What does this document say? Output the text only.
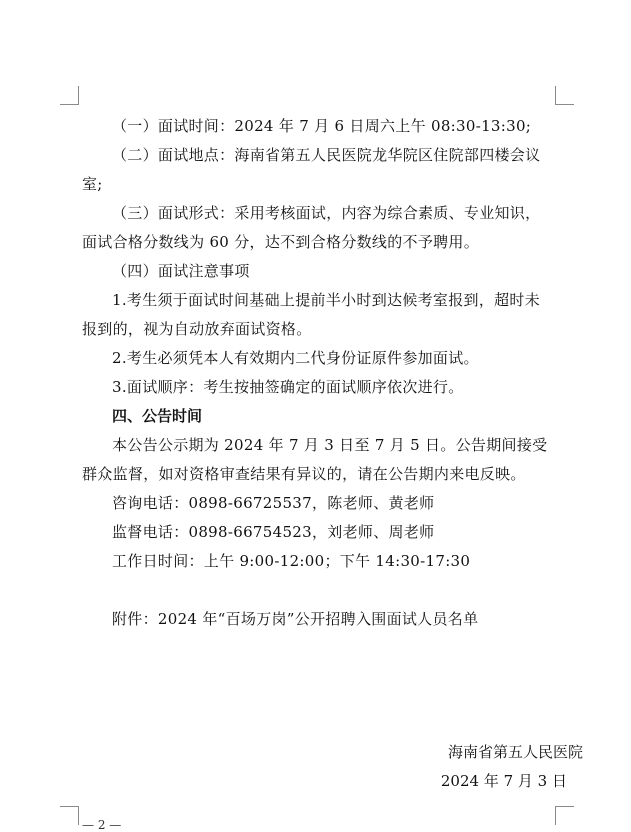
（一）面试时间：2024 年 7 月 6 日周六上午 08:30-13:30;

（二）面试地点：海南省第五人民医院龙华院区住院部四楼会议室;

（三）面试形式：采用考核面试，内容为综合素质、专业知识，面试合格分数线为 60 分，达不到合格分数线的不予聘用。

（四）面试注意事项

1.考生须于面试时间基础上提前半小时到达候考室报到，超时未报到的，视为自动放弃面试资格。

2.考生必须凭本人有效期内二代身份证原件参加面试。

3.面试顺序：考生按抽签确定的面试顺序依次进行。

四、公告时间

本公告公示期为 2024 年 7 月 3 日至 7 月 5 日。公告期间接受群众监督，如对资格审查结果有异议的，请在公告期内来电反映。

咨询电话：0898-66725537，陈老师、黄老师

监督电话：0898-66754523，刘老师、周老师

工作日时间：上午 9:00-12:00；下午 14:30-17:30

附件：2024 年“百场万岗”公开招聘入围面试人员名单

海南省第五人民医院
2024 年 7 月 3 日
— 2 —
